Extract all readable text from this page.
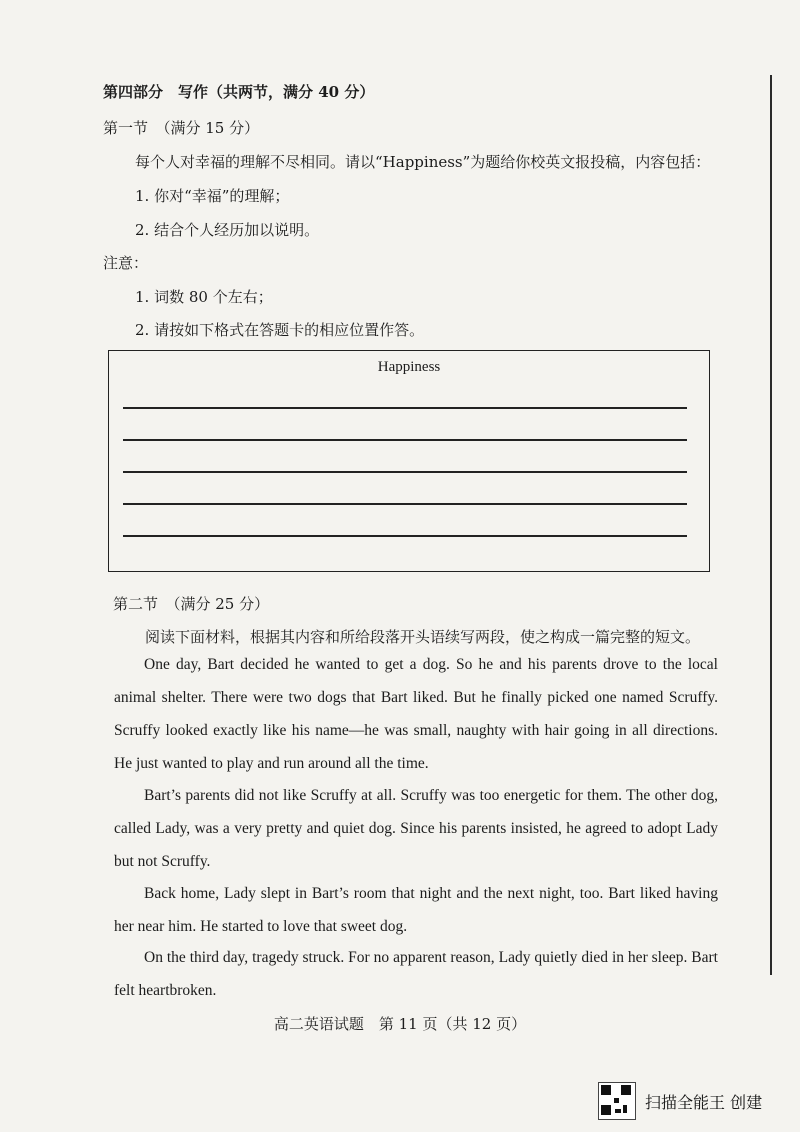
第四部分　写作（共两节，满分 40 分）
第一节　（满分 15 分）
每个人对幸福的理解不尽相同。请以“Happiness”为题给你校英文报投稿，内容包括：
1. 你对“幸福”的理解；
2. 结合个人经历加以说明。
注意：
1. 词数 80 个左右；
2. 请按如下格式在答题卡的相应位置作答。
Happiness
第二节　（满分 25 分）
阅读下面材料，根据其内容和所给段落开头语续写两段，使之构成一篇完整的短文。
One day, Bart decided he wanted to get a dog. So he and his parents drove to the local animal shelter. There were two dogs that Bart liked. But he finally picked one named Scruffy. Scruffy looked exactly like his name—he was small, naughty with hair going in all directions. He just wanted to play and run around all the time.
Bart’s parents did not like Scruffy at all. Scruffy was too energetic for them. The other dog, called Lady, was a very pretty and quiet dog. Since his parents insisted, he agreed to adopt Lady but not Scruffy.
Back home, Lady slept in Bart’s room that night and the next night, too. Bart liked having her near him. He started to love that sweet dog.
On the third day, tragedy struck. For no apparent reason, Lady quietly died in her sleep. Bart felt heartbroken.
高二英语试题　第 11 页（共 12 页）
扫描全能王 创建
